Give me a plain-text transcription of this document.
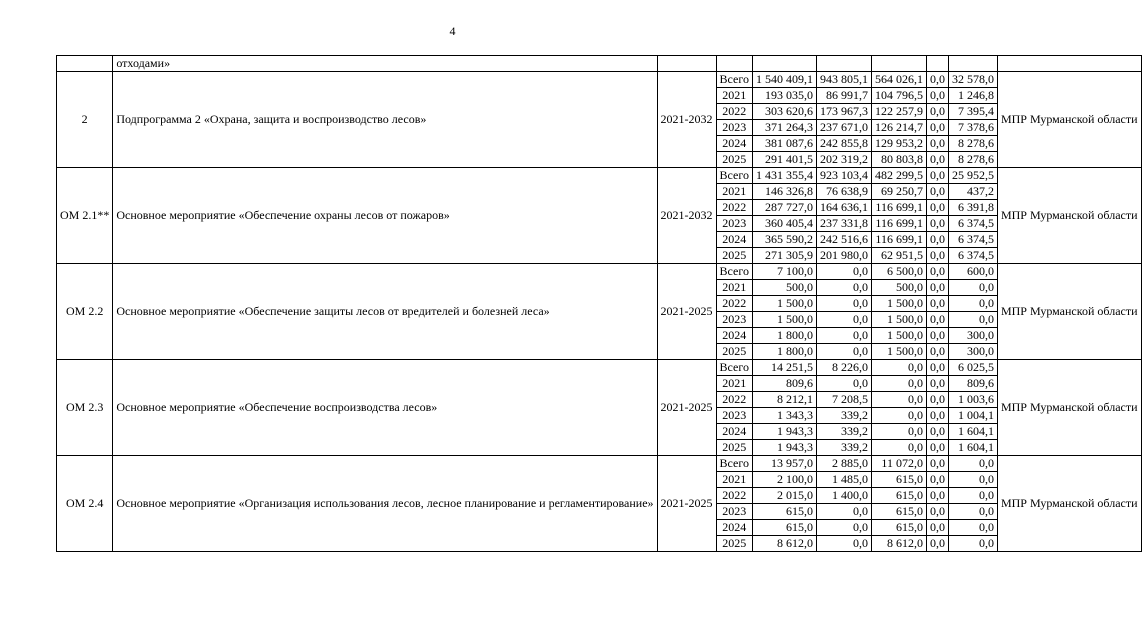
4
	отходами»								
2	Подпрограмма 2 «Охрана, защита и воспроизводство лесов»	2021-2032	Всего	1 540 409,1	943 805,1	564 026,1	0,0	32 578,0	МПР Мурманской области
			2021	193 035,0	86 991,7	104 796,5	0,0	1 246,8	
			2022	303 620,6	173 967,3	122 257,9	0,0	7 395,4	
			2023	371 264,3	237 671,0	126 214,7	0,0	7 378,6	
			2024	381 087,6	242 855,8	129 953,2	0,0	8 278,6	
			2025	291 401,5	202 319,2	80 803,8	0,0	8 278,6	
ОМ 2.1**	Основное мероприятие «Обеспечение охраны лесов от пожаров»	2021-2032	Всего	1 431 355,4	923 103,4	482 299,5	0,0	25 952,5	МПР Мурманской области
			2021	146 326,8	76 638,9	69 250,7	0,0	437,2	
			2022	287 727,0	164 636,1	116 699,1	0,0	6 391,8	
			2023	360 405,4	237 331,8	116 699,1	0,0	6 374,5	
			2024	365 590,2	242 516,6	116 699,1	0,0	6 374,5	
			2025	271 305,9	201 980,0	62 951,5	0,0	6 374,5	
ОМ 2.2	Основное мероприятие «Обеспечение защиты лесов от вредителей и болезней леса»	2021-2025	Всего	7 100,0	0,0	6 500,0	0,0	600,0	МПР Мурманской области
			2021	500,0	0,0	500,0	0,0	0,0	
			2022	1 500,0	0,0	1 500,0	0,0	0,0	
			2023	1 500,0	0,0	1 500,0	0,0	0,0	
			2024	1 800,0	0,0	1 500,0	0,0	300,0	
			2025	1 800,0	0,0	1 500,0	0,0	300,0	
ОМ 2.3	Основное мероприятие «Обеспечение воспроизводства лесов»	2021-2025	Всего	14 251,5	8 226,0	0,0	0,0	6 025,5	МПР Мурманской области
			2021	809,6	0,0	0,0	0,0	809,6	
			2022	8 212,1	7 208,5	0,0	0,0	1 003,6	
			2023	1 343,3	339,2	0,0	0,0	1 004,1	
			2024	1 943,3	339,2	0,0	0,0	1 604,1	
			2025	1 943,3	339,2	0,0	0,0	1 604,1	
ОМ 2.4	Основное мероприятие «Организация использования лесов, лесное планирование и регламентирование»	2021-2025	Всего	13 957,0	2 885,0	11 072,0	0,0	0,0	МПР Мурманской области
			2021	2 100,0	1 485,0	615,0	0,0	0,0	
			2022	2 015,0	1 400,0	615,0	0,0	0,0	
			2023	615,0	0,0	615,0	0,0	0,0	
			2024	615,0	0,0	615,0	0,0	0,0	
			2025	8 612,0	0,0	8 612,0	0,0	0,0	
